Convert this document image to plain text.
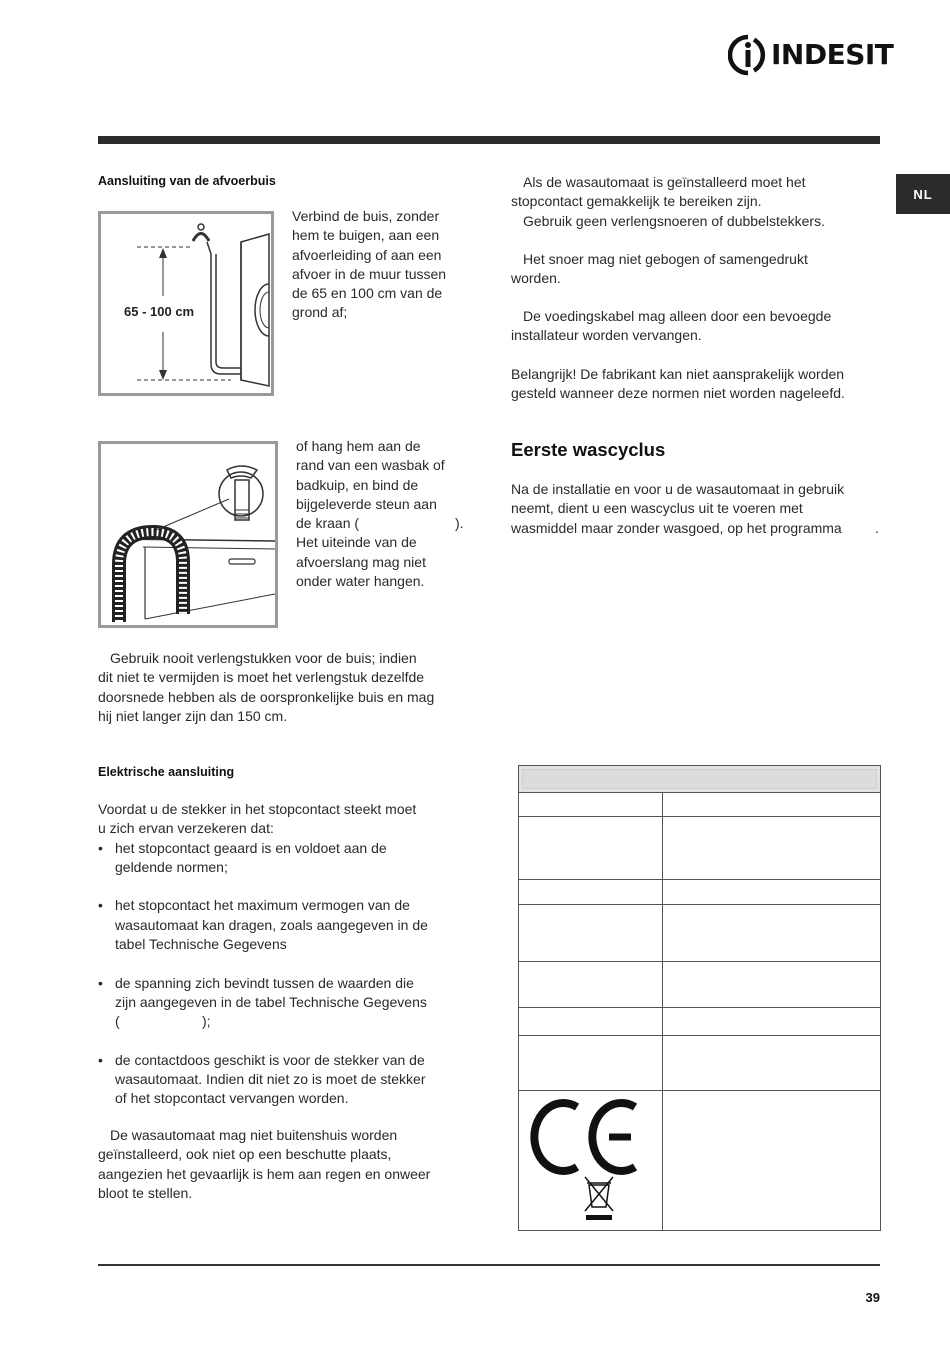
INDESIT
NL
Aansluiting van de afvoerbuis
65 - 100 cm
Verbind de buis, zonder
hem te buigen, aan een
afvoerleiding of aan een
afvoer in de muur tussen
de 65 en 100 cm van de
grond af;
of hang hem aan de
rand van een wasbak of
badkuip, en bind de
bijgeleverde steun aan
de kraan (	).
Het uiteinde van de
afvoerslang mag niet
onder water hangen.
Gebruik nooit verlengstukken voor de buis; indien
dit niet te vermijden is moet het verlengstuk dezelfde
doorsnede hebben als de oorspronkelijke buis en mag
hij niet langer zijn dan 150 cm.
Elektrische aansluiting
Voordat u de stekker in het stopcontact steekt moet
u zich ervan verzekeren dat:
• het stopcontact geaard is en voldoet aan de
geldende normen;
• het stopcontact het maximum vermogen van de
wasautomaat kan dragen, zoals aangegeven in de
tabel Technische Gegevens
• de spanning zich bevindt tussen de waarden die
zijn aangegeven in de tabel Technische Gegevens
(	);
• de contactdoos geschikt is voor de stekker van de
wasautomaat. Indien dit niet zo is moet de stekker
of het stopcontact vervangen worden.
De wasautomaat mag niet buitenshuis worden
geïnstalleerd, ook niet op een beschutte plaats,
aangezien het gevaarlijk is hem aan regen en onweer
bloot te stellen.
Als de wasautomaat is geïnstalleerd moet het
stopcontact gemakkelijk te bereiken zijn.
Gebruik geen verlengsnoeren of dubbelstekkers.
Het snoer mag niet gebogen of samengedrukt
worden.
De voedingskabel mag alleen door een bevoegde
installateur worden vervangen.
Belangrijk! De fabrikant kan niet aansprakelijk worden
gesteld wanneer deze normen niet worden nageleefd.
Eerste wascyclus
Na de installatie en voor u de wasautomaat in gebruik
neemt, dient u een wascyclus uit te voeren met
wasmiddel maar zonder wasgoed, op het programma .

39
